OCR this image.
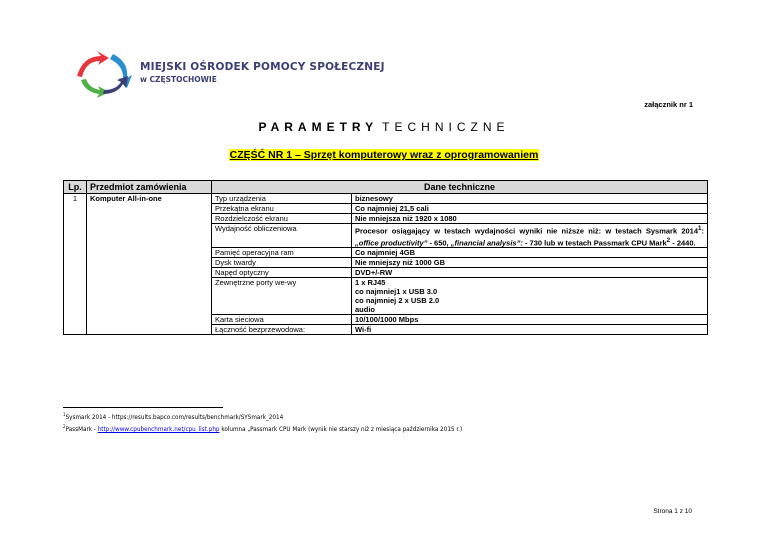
MIEJSKI OŚRODEK POMOCY SPOŁECZNEJ
w CZĘSTOCHOWIE
załącznik nr 1
PARAMETRY TECHNICZNE
CZĘŚĆ NR 1 – Sprzęt komputerowy wraz z oprogramowaniem
Lp.	Przedmiot zamówienia	Dane techniczne	
1	Komputer All-in-one	Typ urządzenia	biznesowy
		Przekątna ekranu	Co najmniej 21,5 cali
		Rozdzielczość ekranu	Nie mniejsza niż 1920 x 1080
		Wydajność obliczeniowa	Procesor osiągający w testach wydajności wyniki nie niższe niż: w testach Sysmark 2014$^1$: „office productivity” - 650, „financial analysis”: - 730 lub w testach Passmark CPU Mark$^2$ - 2440.
		Pamięć operacyjna ram	Co najmniej 4GB
		Dysk twardy	Nie mniejszy niż 1000 GB
		Napęd optyczny	DVD+/-RW
		Zewnętrzne porty we-wy	1 x RJ45
co najmniej1 x USB 3.0
co najmniej 2 x USB 2.0
audio

		Karta sieciowa	10/100/1000 Mbps
		Łączność bezprzewodowa:	Wi-fi
$^1$Sysmark 2014 - https://results.bapco.com/results/benchmark/SYSmark_2014
$^2$PassMark - http://www.cpubenchmark.net/cpu_list.php kolumna „Passmark CPU Mark (wynik nie starszy niż z miesiąca października 2015 r.)
Strona 1 z 10
